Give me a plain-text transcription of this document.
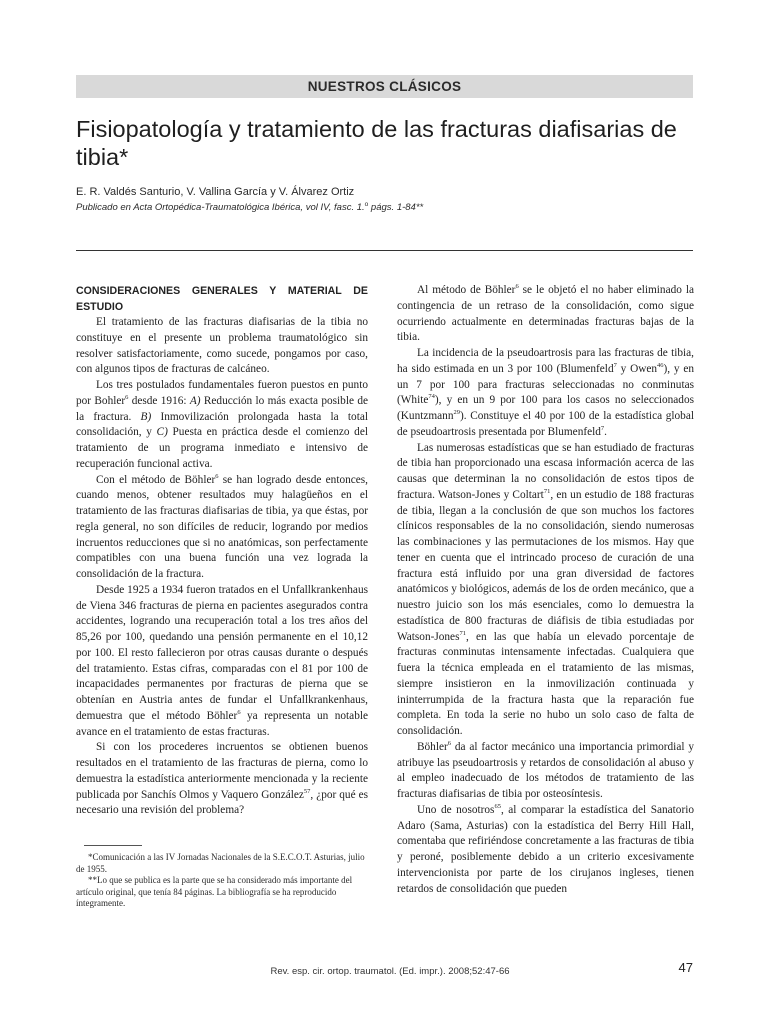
NUESTROS CLÁSICOS
Fisiopatología y tratamiento de las fracturas diafisarias de tibia*
E. R. Valdés Santurio, V. Vallina García y V. Álvarez Ortiz
Publicado en Acta Ortopédica-Traumatológica Ibérica, vol IV, fasc. 1.$^o$ págs. 1-84**

CONSIDERACIONES GENERALES Y MATERIAL DE ESTUDIO

El tratamiento de las fracturas diafisarias de la tibia no constituye en el presente un problema traumatológico sin resolver satisfactoriamente, como sucede, pongamos por caso, con algunos tipos de fracturas de calcáneo.

Los tres postulados fundamentales fueron puestos en punto por Bohler$^6$ desde 1916: A) Reducción lo más exacta posible de la fractura. B) Inmovilización prolongada hasta la total consolidación, y C) Puesta en práctica desde el comienzo del tratamiento de un programa inmediato e intensivo de recuperación funcional activa.

Con el método de Böhler$^6$ se han logrado desde entonces, cuando menos, obtener resultados muy halagüeños en el tratamiento de las fracturas diafisarias de tibia, ya que éstas, por regla general, no son difíciles de reducir, logrando por medios incruentos reducciones que si no anatómicas, son perfectamente compatibles con una buena función una vez lograda la consolidación de la fractura.

Desde 1925 a 1934 fueron tratados en el Unfallkrankenhaus de Viena 346 fracturas de pierna en pacientes asegurados contra accidentes, logrando una recuperación total a los tres años del 85,26 por 100, quedando una pensión permanente en el 10,12 por 100. El resto fallecieron por otras causas durante o después del tratamiento. Estas cifras, comparadas con el 81 por 100 de incapacidades permanentes por fracturas de pierna que se obtenían en Austria antes de fundar el Unfallkrankenhaus, demuestra que el método Böhler$^6$ ya representa un notable avance en el tratamiento de estas fracturas.

Si con los procederes incruentos se obtienen buenos resultados en el tratamiento de las fracturas de pierna, como lo demuestra la estadística anteriormente mencionada y la reciente publicada por Sanchís Olmos y Vaquero González$^{57}$, ¿por qué es necesario una revisión del problema?

*Comunicación a las IV Jornadas Nacionales de la S.E.C.O.T. Asturias, julio de 1955.

**Lo que se publica es la parte que se ha considerado más importante del artículo original, que tenía 84 páginas. La bibliografía se ha reproducido íntegramente.

Al método de Böhler$^6$ se le objetó el no haber eliminado la contingencia de un retraso de la consolidación, como sigue ocurriendo actualmente en determinadas fracturas bajas de la tibia.

La incidencia de la pseudoartrosis para las fracturas de tibia, ha sido estimada en un 3 por 100 (Blumenfeld$^7$ y Owen$^{46}$), y en un 7 por 100 para fracturas seleccionadas no conminutas (White$^{74}$), y en un 9 por 100 para los casos no seleccionados (Kuntzmann$^{29}$). Constituye el 40 por 100 de la estadística global de pseudoartrosis presentada por Blumenfeld$^7$.

Las numerosas estadísticas que se han estudiado de fracturas de tibia han proporcionado una escasa información acerca de las causas que determinan la no consolidación de estos tipos de fractura. Watson-Jones y Coltart$^{71}$, en un estudio de 188 fracturas de tibia, llegan a la conclusión de que son muchos los factores clínicos responsables de la no consolidación, siendo numerosas las combinaciones y las permutaciones de los mismos. Hay que tener en cuenta que el intrincado proceso de curación de una fractura está influido por una gran diversidad de factores anatómicos y biológicos, además de los de orden mecánico, que a nuestro juicio son los más esenciales, como lo demuestra la estadística de 800 fracturas de diáfisis de tibia estudiadas por Watson-Jones$^{71}$, en las que había un elevado porcentaje de fracturas conminutas intensamente infectadas. Cualquiera que fuera la técnica empleada en el tratamiento de las mismas, siempre insistieron en la inmovilización continuada y ininterrumpida de la fractura hasta que la reparación fue completa. En toda la serie no hubo un solo caso de falta de consolidación.

Böhler$^6$ da al factor mecánico una importancia primordial y atribuye las pseudoartrosis y retardos de consolidación al abuso y al empleo inadecuado de los métodos de tratamiento de las fracturas diafisarias de tibia por osteosíntesis.

Uno de nosotros$^{65}$, al comparar la estadística del Sanatorio Adaro (Sama, Asturias) con la estadística del Berry Hill Hall, comentaba que refiriéndose concretamente a las fracturas de tibia y peroné, posiblemente debido a un criterio excesivamente intervencionista por parte de los cirujanos ingleses, tienen retardos de consolidación que pueden

Rev. esp. cir. ortop. traumatol. (Ed. impr.). 2008;52:47-66	47
